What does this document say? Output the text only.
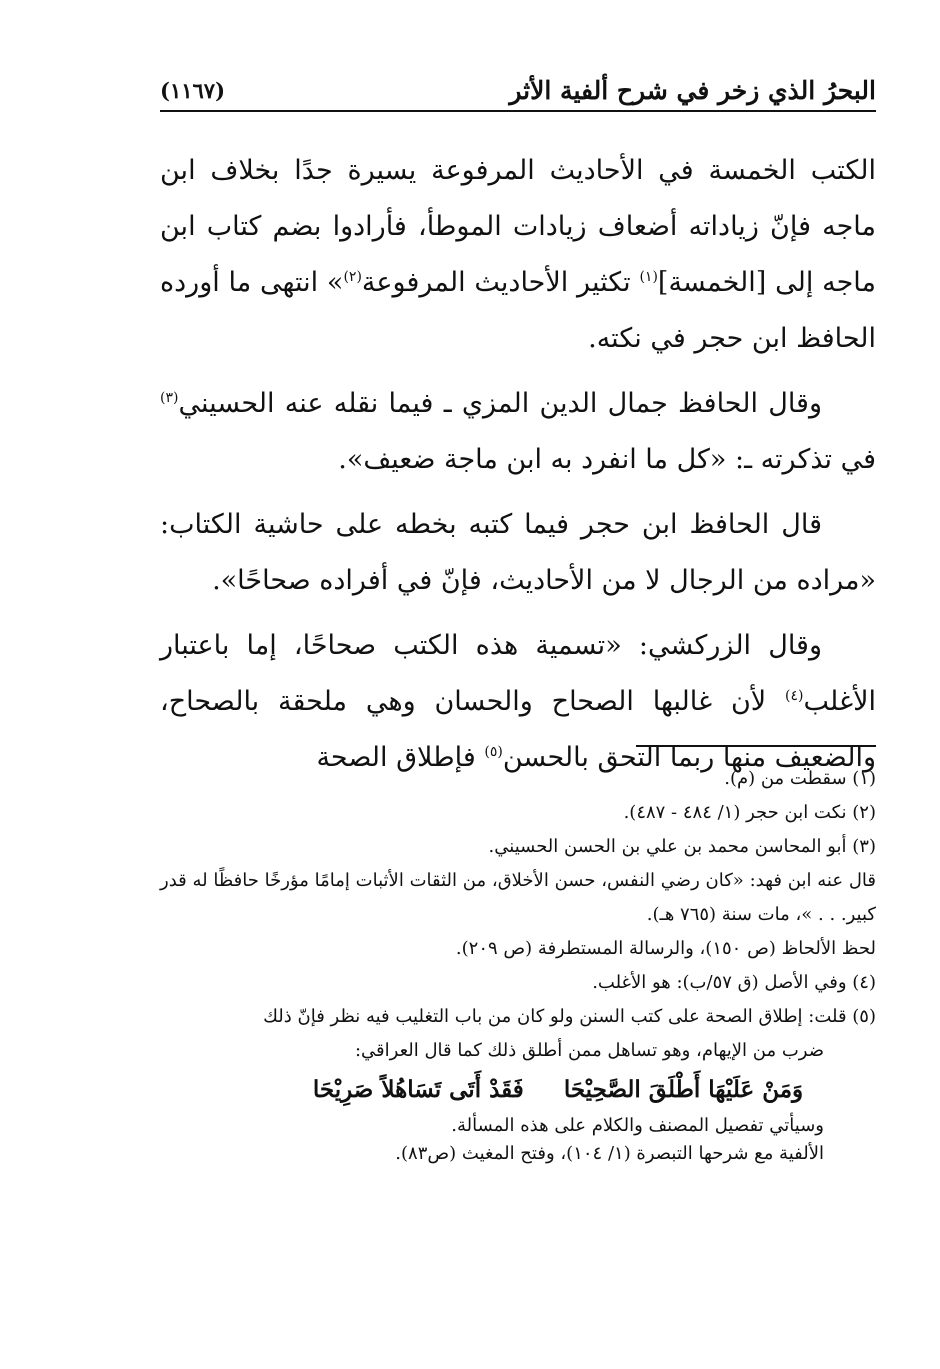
البحرُ الذي زخر في شرح ألفية الأثر
(١١٦٧)

الكتب الخمسة في الأحاديث المرفوعة يسيرة جدًا بخلاف ابن ماجه فإنّ زياداته أضعاف زيادات الموطأ، فأرادوا بضم كتاب ابن ماجه إلى [الخمسة]$^{(١)}$ تكثير الأحاديث المرفوعة$^{(٢)}$» انتهى ما أورده الحافظ ابن حجر في نكته.

وقال الحافظ جمال الدين المزي ـ فيما نقله عنه الحسيني$^{(٣)}$ في تذكرته ـ: «كل ما انفرد به ابن ماجة ضعيف».

قال الحافظ ابن حجر فيما كتبه بخطه على حاشية الكتاب: «مراده من الرجال لا من الأحاديث، فإنّ في أفراده صحاحًا».

وقال الزركشي: «تسمية هذه الكتب صحاحًا، إما باعتبار الأغلب$^{(٤)}$ لأن غالبها الصحاح والحسان وهي ملحقة بالصحاح، والضعيف منها ربما التحق بالحسن$^{(٥)}$ فإطلاق الصحة

(١) سقطت من (م).

(٢) نكت ابن حجر (١/ ٤٨٤ - ٤٨٧).

(٣) أبو المحاسن محمد بن علي بن الحسن الحسيني.

قال عنه ابن فهد: «كان رضي النفس، حسن الأخلاق، من الثقات الأثبات إمامًا مؤرخًا حافظًا له قدر كبير. . . »، مات سنة (٧٦٥ هـ).

لحظ الألحاظ (ص ١٥٠)، والرسالة المستطرفة (ص ٢٠٩).

(٤) وفي الأصل (ق ٥٧/ب): هو الأغلب.

(٥) قلت: إطلاق الصحة على كتب السنن ولو كان من باب التغليب فيه نظر فإنّ ذلك

ضرب من الإيهام، وهو تساهل ممن أطلق ذلك كما قال العراقي:

وَمَنْ عَلَيْهَا أَطْلَقَ الصَّحِيْحَا
فَقَدْ أَتَى تَسَاهُلاً صَرِيْحَا

وسيأتي تفصيل المصنف والكلام على هذه المسألة.

الألفية مع شرحها التبصرة (١/ ١٠٤)، وفتح المغيث (ص٨٣).
